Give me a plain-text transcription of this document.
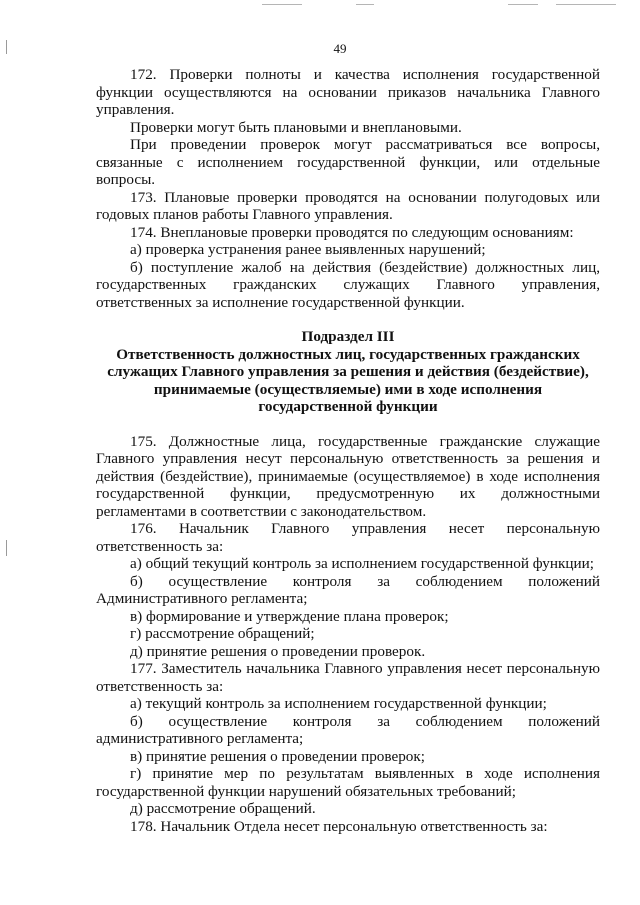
49

172. Проверки полноты и качества исполнения государственной функции осуществляются на основании приказов начальника Главного управления.

Проверки могут быть плановыми и внеплановыми.

При проведении проверок могут рассматриваться все вопросы, связанные с исполнением государственной функции, или отдельные вопросы.

173. Плановые проверки проводятся на основании полугодовых или годовых планов работы Главного управления.

174. Внеплановые проверки проводятся по следующим основаниям:

а) проверка устранения ранее выявленных нарушений;

б) поступление жалоб на действия (бездействие) должностных лиц, государственных гражданских служащих Главного управления, ответственных за исполнение государственной функции.

Подраздел III

Ответственность должностных лиц, государственных гражданских служащих Главного управления за решения и действия (бездействие), принимаемые (осуществляемые) ими в ходе исполнения государственной функции

175. Должностные лица, государственные гражданские служащие Главного управления несут персональную ответственность за решения и действия (бездействие), принимаемые (осуществляемое) в ходе исполнения государственной функции, предусмотренную их должностными регламентами в соответствии с законодательством.

176. Начальник Главного управления несет персональную ответственность за:

а) общий текущий контроль за исполнением государственной функции;

б) осуществление контроля за соблюдением положений Административного регламента;

в) формирование и утверждение плана проверок;

г) рассмотрение обращений;

д) принятие решения о проведении проверок.

177. Заместитель начальника Главного управления несет персональную ответственность за:

а) текущий контроль за исполнением государственной функции;

б) осуществление контроля за соблюдением положений административного регламента;

в) принятие решения о проведении проверок;

г) принятие мер по результатам выявленных в ходе исполнения государственной функции нарушений обязательных требований;

д) рассмотрение обращений.

178. Начальник Отдела несет персональную ответственность за:
